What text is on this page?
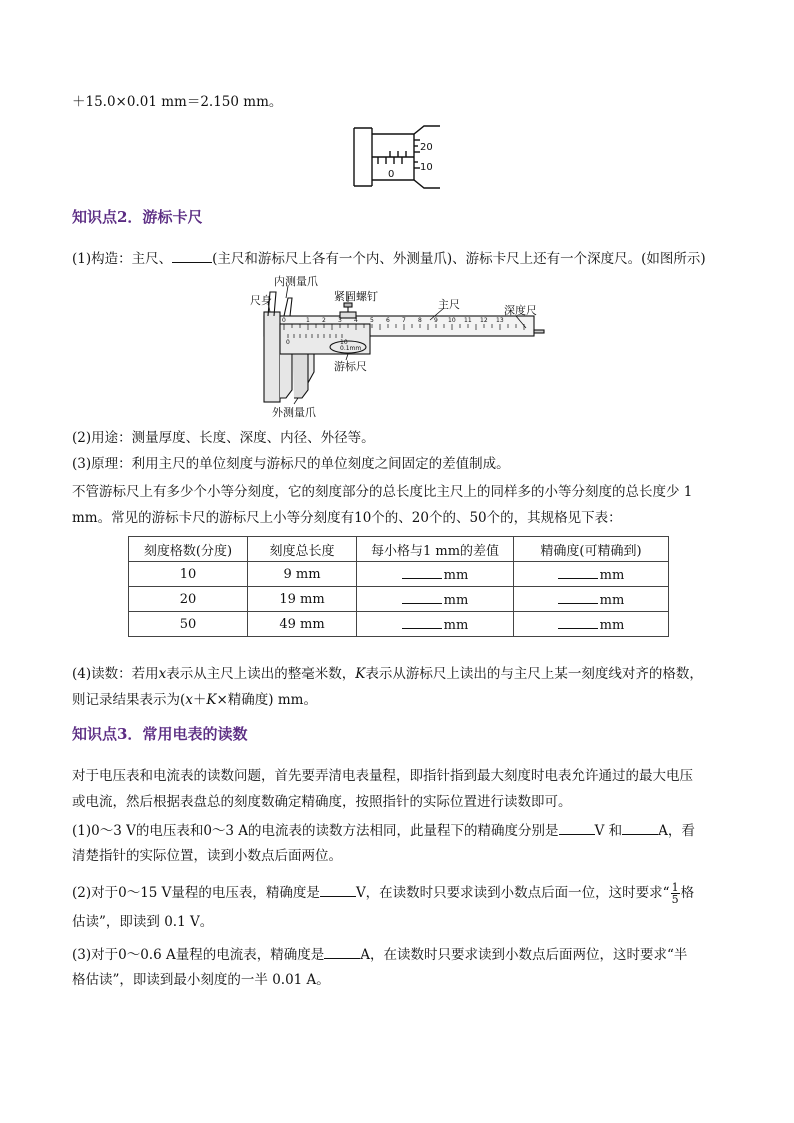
＋15.0×0.01 mm＝2.150 mm。
20
10
0
知识点2．游标卡尺
(1)构造：主尺、	(主尺和游标尺上各有一个内、外测量爪)、游标卡尺上还有一个深度尺。(如图所示)
0	1 2 3 4 5 6 7 8 9 10 11 12 13
0	10
0.1mm
尺身
内测量爪
紧固螺钉
主尺	深度尺
游标尺
外测量爪
(2)用途：测量厚度、长度、深度、内径、外径等。
(3)原理：利用主尺的单位刻度与游标尺的单位刻度之间固定的差值制成。
不管游标尺上有多少个小等分刻度，它的刻度部分的总长度比主尺上的同样多的小等分刻度的总长度少 1
mm。常见的游标卡尺的游标尺上小等分刻度有10个的、20个的、50个的，其规格见下表：
刻度格数(分度)	刻度总长度	每小格与1 mm的差值	精确度(可精确到)
10	9 mm	mm	mm
20	19 mm	mm	mm
50	49 mm	mm	mm
(4)读数：若用x表示从主尺上读出的整毫米数，K表示从游标尺上读出的与主尺上某一刻度线对齐的格数，
则记录结果表示为(x＋K×精确度) mm。
知识点3．常用电表的读数
对于电压表和电流表的读数问题，首先要弄清电表量程，即指针指到最大刻度时电表允许通过的最大电压
或电流，然后根据表盘总的刻度数确定精确度，按照指针的实际位置进行读数即可。
(1)0～3 V的电压表和0～3 A的电流表的读数方法相同，此量程下的精确度分别是	V 和	A，看
清楚指针的实际位置，读到小数点后面两位。
(2)对于0～15 V量程的电压表，精确度是	V，在读数时只要求读到小数点后面一位，这时要求“ $\frac{1}{5}$ 格
估读”，即读到 0.1 V。
(3)对于0～0.6 A量程的电流表，精确度是	A，在读数时只要求读到小数点后面两位，这时要求“半
格估读”，即读到最小刻度的一半 0.01 A。
